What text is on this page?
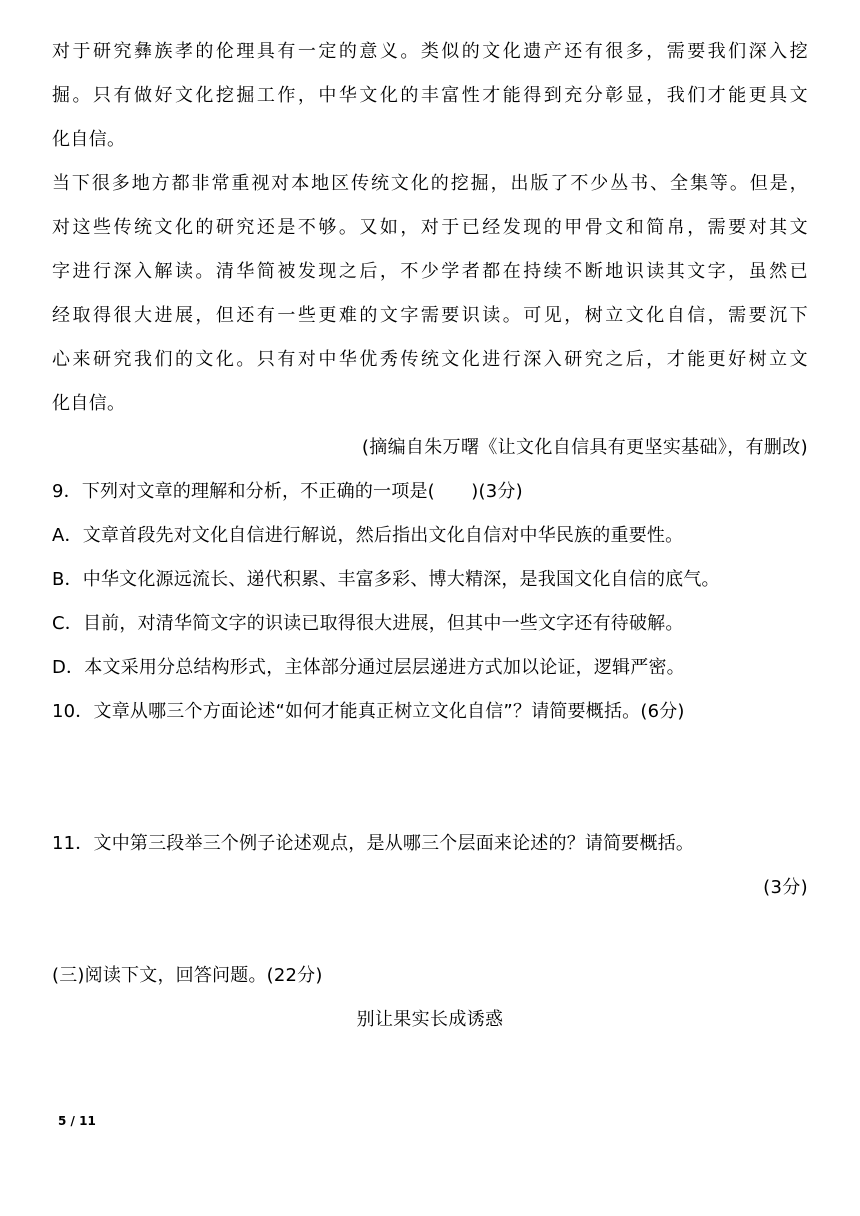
对于研究彝族孝的伦理具有一定的意义。类似的文化遗产还有很多，需要我们深入挖
掘。只有做好文化挖掘工作，中华文化的丰富性才能得到充分彰显，我们才能更具文
化自信。
当下很多地方都非常重视对本地区传统文化的挖掘，出版了不少丛书、全集等。但是，
对这些传统文化的研究还是不够。又如，对于已经发现的甲骨文和简帛，需要对其文
字进行深入解读。清华简被发现之后，不少学者都在持续不断地识读其文字，虽然已
经取得很大进展，但还有一些更难的文字需要识读。可见，树立文化自信，需要沉下
心来研究我们的文化。只有对中华优秀传统文化进行深入研究之后，才能更好树立文
化自信。
(摘编自朱万曙《让文化自信具有更坚实基础》，有删改)
9．下列对文章的理解和分析，不正确的一项是(　　)(3分)
A．文章首段先对文化自信进行解说，然后指出文化自信对中华民族的重要性。
B．中华文化源远流长、递代积累、丰富多彩、博大精深，是我国文化自信的底气。
C．目前，对清华简文字的识读已取得很大进展，但其中一些文字还有待破解。
D．本文采用分总结构形式，主体部分通过层层递进方式加以论证，逻辑严密。
10．文章从哪三个方面论述“如何才能真正树立文化自信”？请简要概括。(6分)
11．文中第三段举三个例子论述观点，是从哪三个层面来论述的？请简要概括。
(3分)
(三)阅读下文，回答问题。(22分)
别让果实长成诱惑
5 / 11
